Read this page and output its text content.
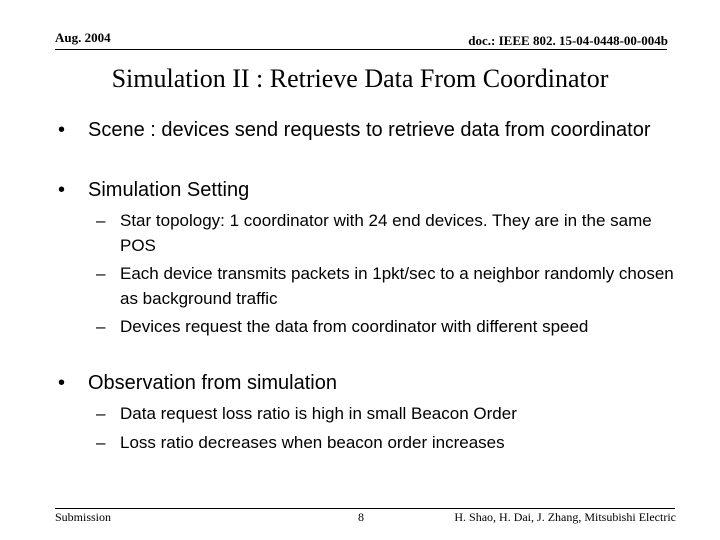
Aug. 2004	doc.: IEEE 802. 15-04-0448-00-004b
Simulation II : Retrieve Data From Coordinator
• Scene : devices send requests to retrieve data from coordinator
• Simulation Setting
– Star topology: 1 coordinator with 24 end devices. They are in the same POS
– Each device transmits packets in 1pkt/sec to a neighbor randomly chosen as background traffic
– Devices request the data from coordinator with different speed
• Observation from simulation
– Data request loss ratio is high in small Beacon Order
– Loss ratio decreases when beacon order increases
Submission	8	H. Shao, H. Dai, J. Zhang, Mitsubishi Electric
